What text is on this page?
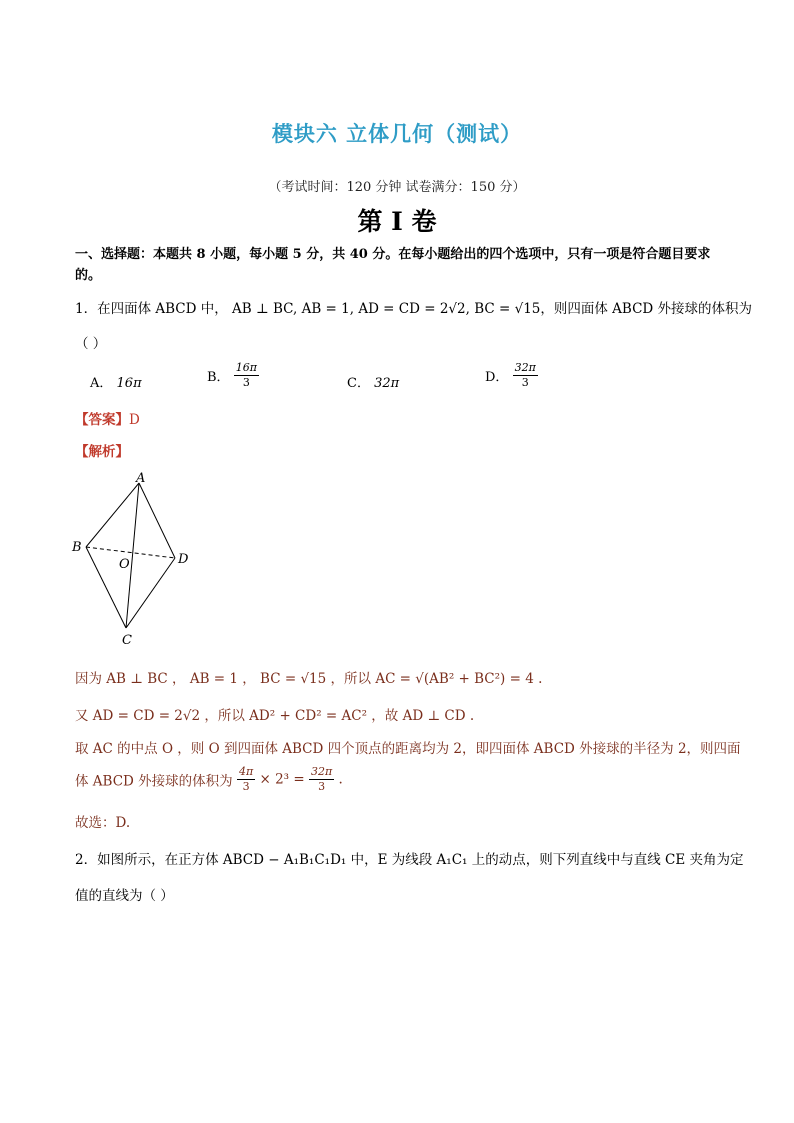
模块六 立体几何（测试）
（考试时间：120 分钟 试卷满分：150 分）
第 I 卷
一、选择题：本题共 8 小题，每小题 5 分，共 40 分。在每小题给出的四个选项中，只有一项是符合题目要求的。
1．在四面体 ABCD 中， AB ⊥ BC, AB = 1, AD = CD = 2√2, BC = √15，则四面体 ABCD 外接球的体积为
（ ）
A． 16π	B． $\frac{16\pi}{3}$	C． 32π	D． $\frac{32\pi}{3}$
【答案】D
【解析】
A
B
D
C
O
因为 AB ⊥ BC ， AB = 1 ， BC = √15 ，所以 AC = √(AB² + BC²) = 4 .
又 AD = CD = 2√2 ，所以 AD² + CD² = AC² ，故 AD ⊥ CD .
取 AC 的中点 O ，则 O 到四面体 ABCD 四个顶点的距离均为 2，即四面体 ABCD 外接球的半径为 2，则四面
体 ABCD 外接球的体积为 $\frac{4\pi}{3} \times 2^3 = \frac{32\pi}{3}$ .
故选：D.
2．如图所示，在正方体 ABCD − A₁B₁C₁D₁ 中，E 为线段 A₁C₁ 上的动点，则下列直线中与直线 CE 夹角为定
值的直线为（ ）
